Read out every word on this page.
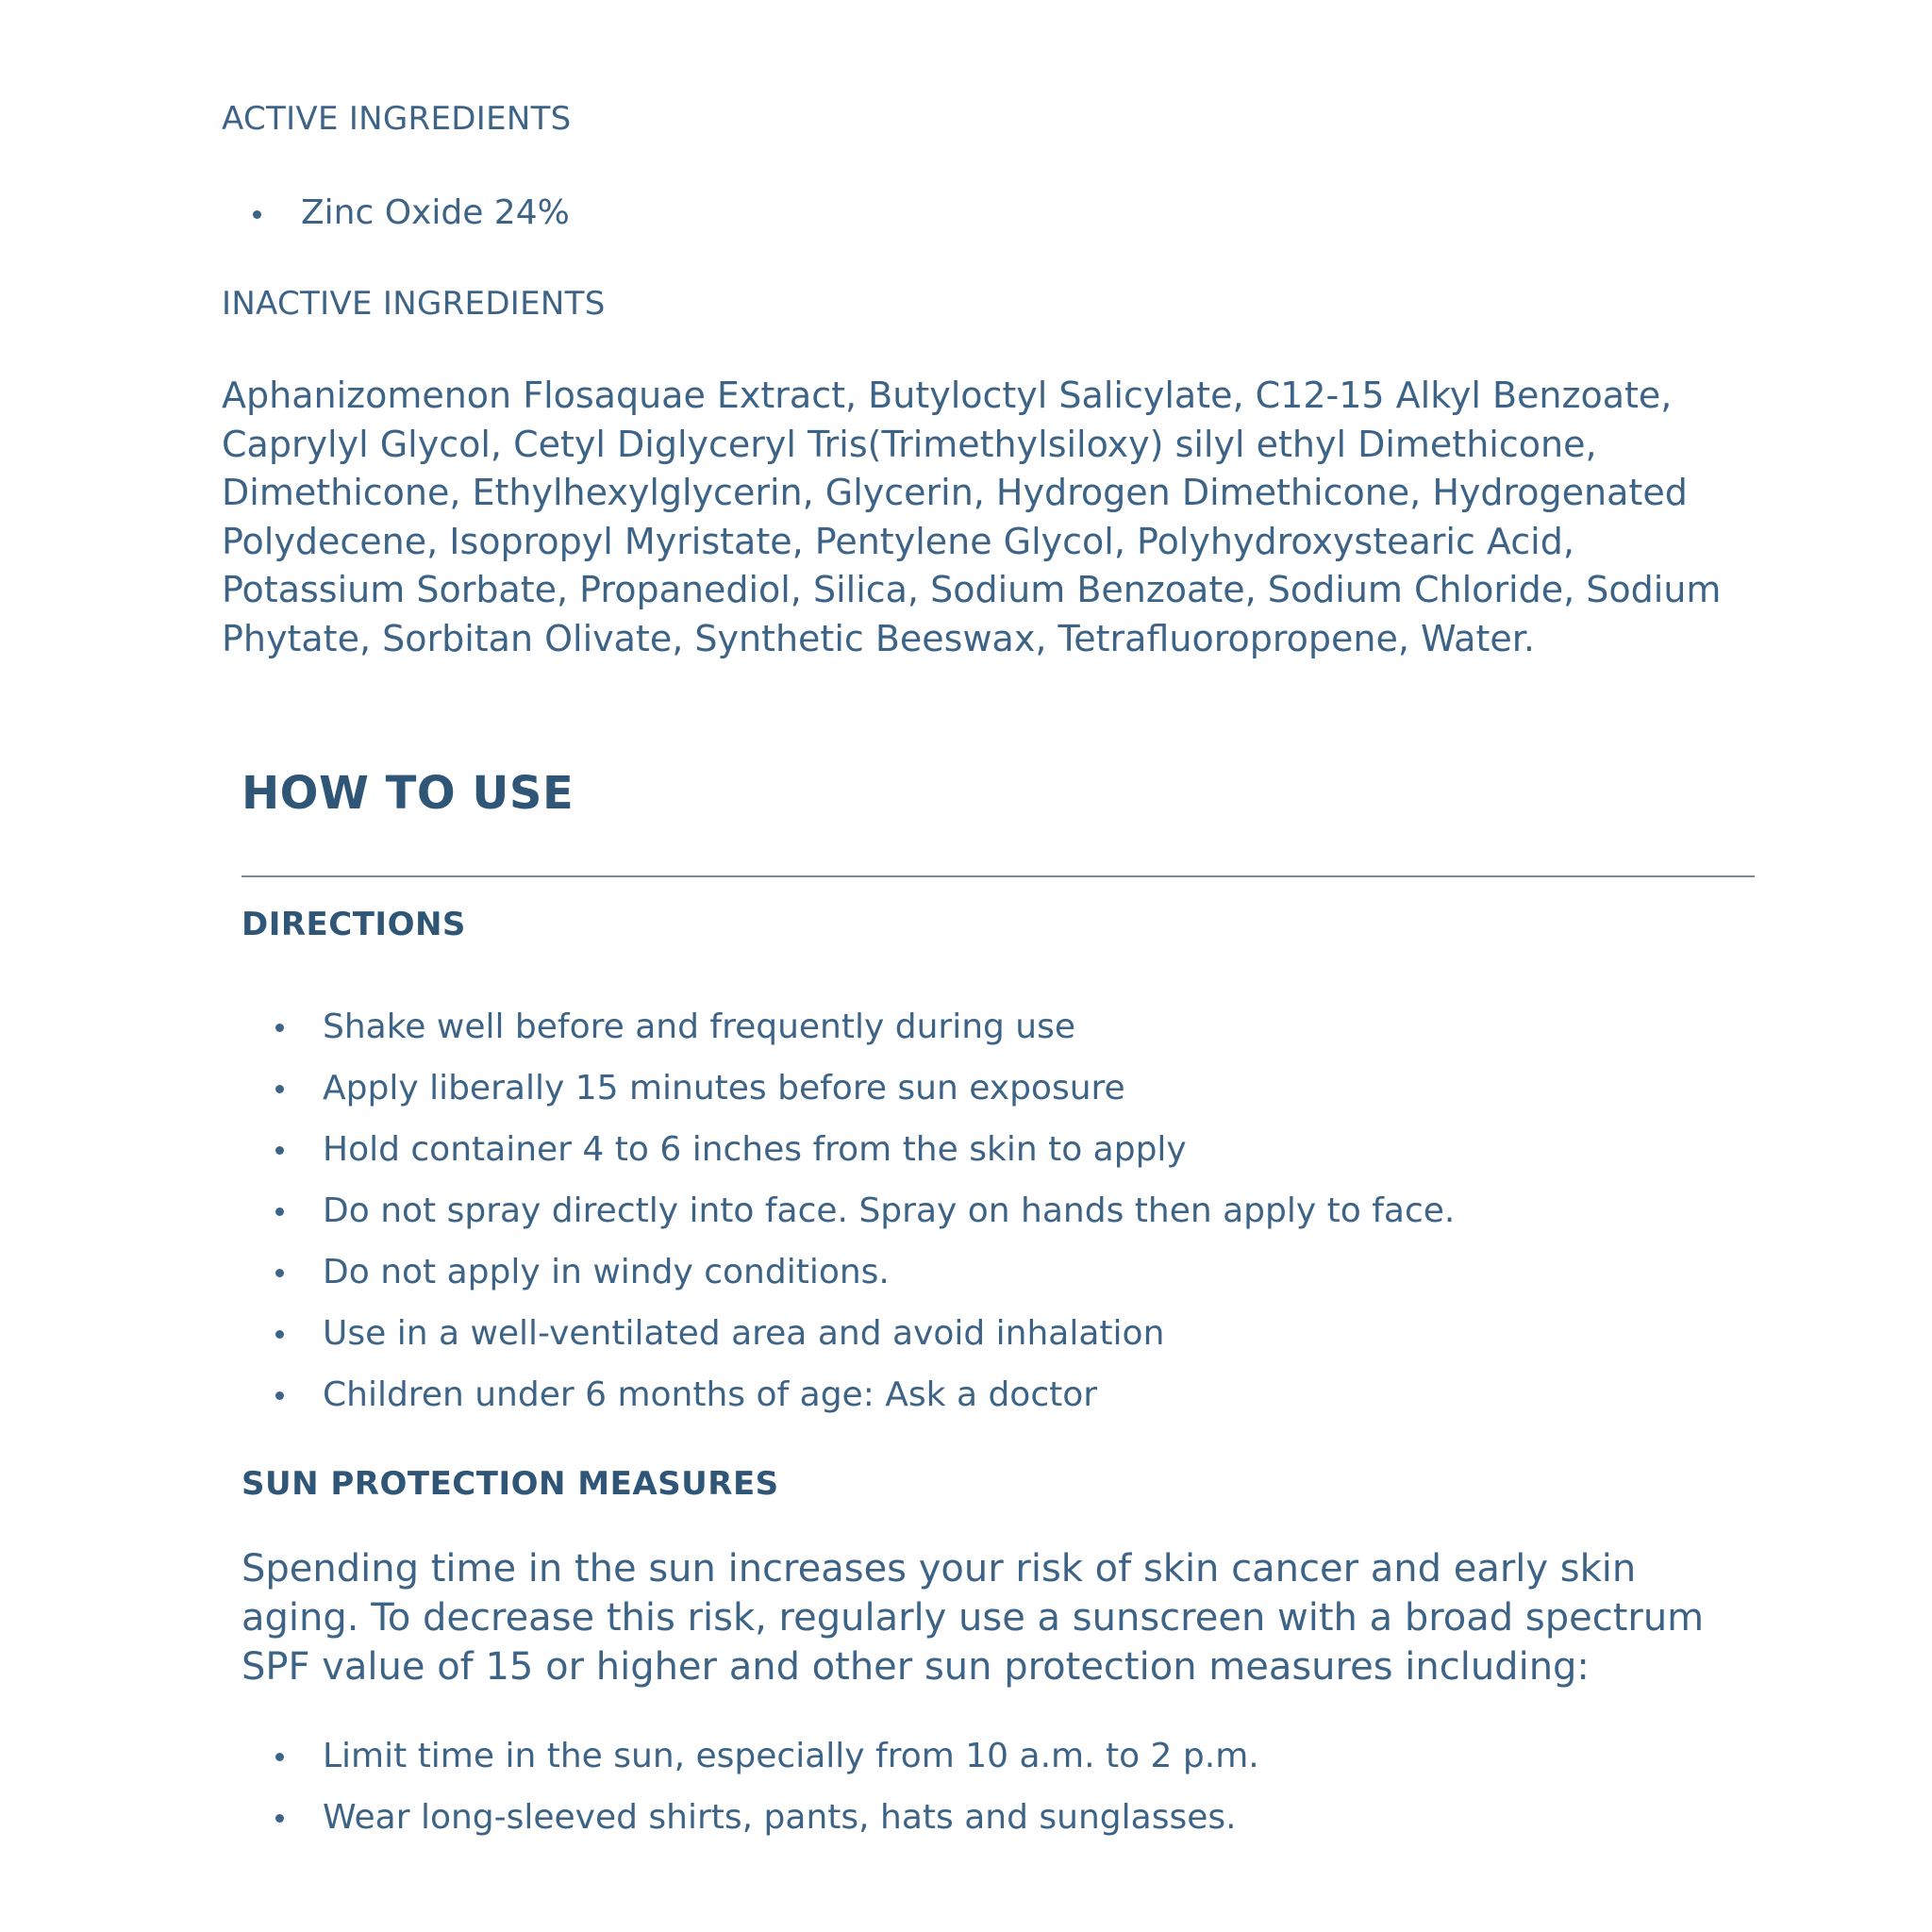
ACTIVE INGREDIENTS
Zinc Oxide 24%
INACTIVE INGREDIENTS

Aphanizomenon Flosaquae Extract, Butyloctyl Salicylate, C12-15 Alkyl Benzoate, Caprylyl Glycol, Cetyl Diglyceryl Tris(Trimethylsiloxy) silyl ethyl Dimethicone, Dimethicone, Ethylhexylglycerin, Glycerin, Hydrogen Dimethicone, Hydrogenated Polydecene, Isopropyl Myristate, Pentylene Glycol, Polyhydroxystearic Acid, Potassium Sorbate, Propanediol, Silica, Sodium Benzoate, Sodium Chloride, Sodium Phytate, Sorbitan Olivate, Synthetic Beeswax, Tetrafluoropropene, Water.

HOW TO USE
DIRECTIONS
Shake well before and frequently during use
Apply liberally 15 minutes before sun exposure
Hold container 4 to 6 inches from the skin to apply
Do not spray directly into face. Spray on hands then apply to face.
Do not apply in windy conditions.
Use in a well-ventilated area and avoid inhalation
Children under 6 months of age: Ask a doctor
SUN PROTECTION MEASURES

Spending time in the sun increases your risk of skin cancer and early skin aging. To decrease this risk, regularly use a sunscreen with a broad spectrum SPF value of 15 or higher and other sun protection measures including:

Limit time in the sun, especially from 10 a.m. to 2 p.m.
Wear long-sleeved shirts, pants, hats and sunglasses.
